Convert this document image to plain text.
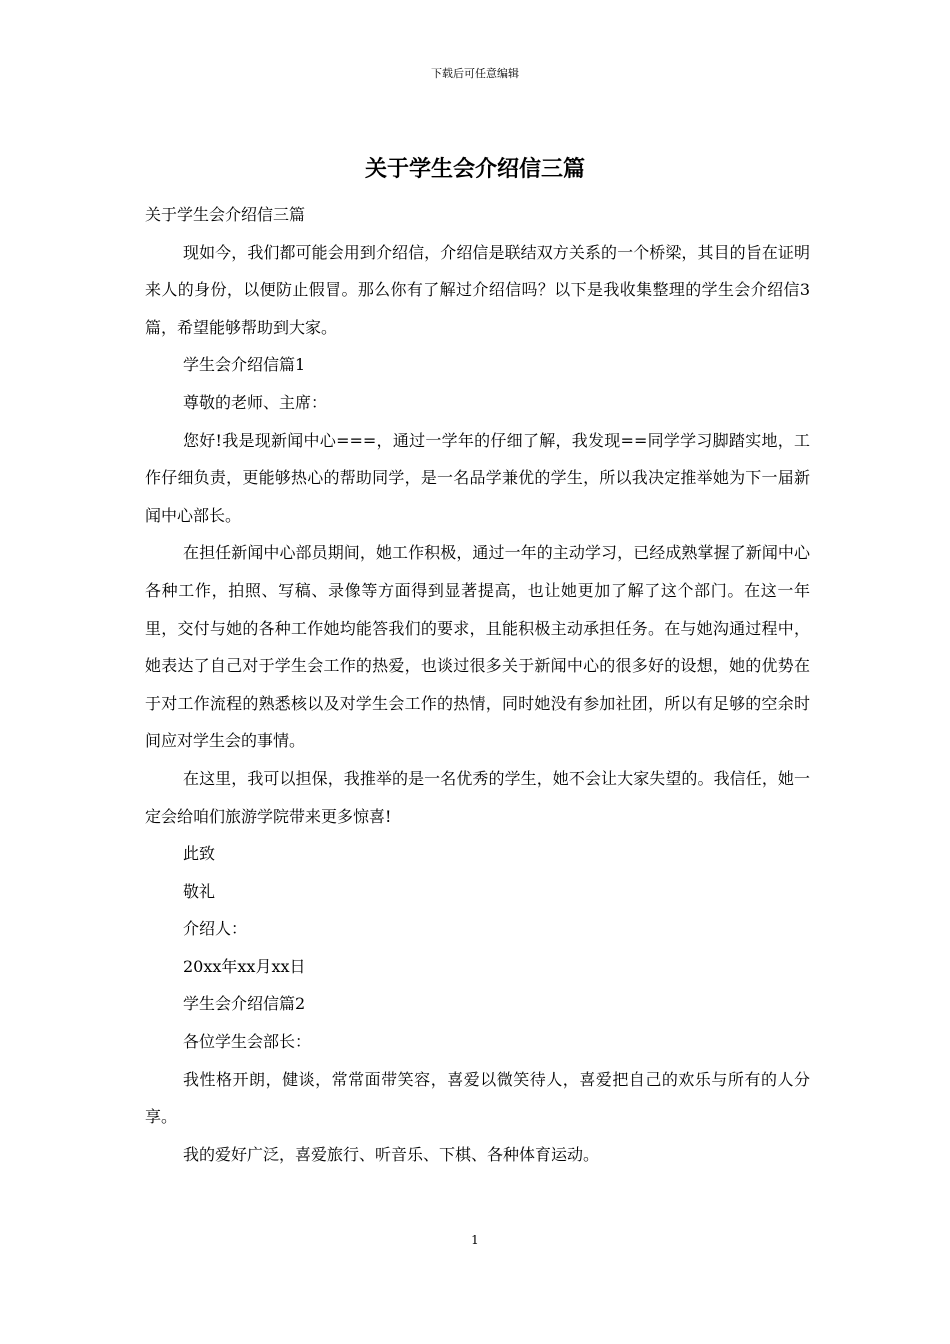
下载后可任意编辑
关于学生会介绍信三篇

关于学生会介绍信三篇

现如今，我们都可能会用到介绍信，介绍信是联结双方关系的一个桥梁，其目的旨在证明来人的身份，以便防止假冒。那么你有了解过介绍信吗？以下是我收集整理的学生会介绍信3篇，希望能够帮助到大家。

学生会介绍信篇1

尊敬的老师、主席：

您好!我是现新闻中心===，通过一学年的仔细了解，我发现==同学学习脚踏实地，工作仔细负责，更能够热心的帮助同学，是一名品学兼优的学生，所以我决定推举她为下一届新闻中心部长。

在担任新闻中心部员期间，她工作积极，通过一年的主动学习，已经成熟掌握了新闻中心各种工作，拍照、写稿、录像等方面得到显著提高，也让她更加了解了这个部门。在这一年里，交付与她的各种工作她均能答我们的要求，且能积极主动承担任务。在与她沟通过程中，她表达了自己对于学生会工作的热爱，也谈过很多关于新闻中心的很多好的设想，她的优势在于对工作流程的熟悉核以及对学生会工作的热情，同时她没有参加社团，所以有足够的空余时间应对学生会的事情。

在这里，我可以担保，我推举的是一名优秀的学生，她不会让大家失望的。我信任，她一定会给咱们旅游学院带来更多惊喜!

此致

敬礼

介绍人：

20xx年xx月xx日

学生会介绍信篇2

各位学生会部长：

我性格开朗，健谈，常常面带笑容，喜爱以微笑待人，喜爱把自己的欢乐与所有的人分享。

我的爱好广泛，喜爱旅行、听音乐、下棋、各种体育运动。

1
